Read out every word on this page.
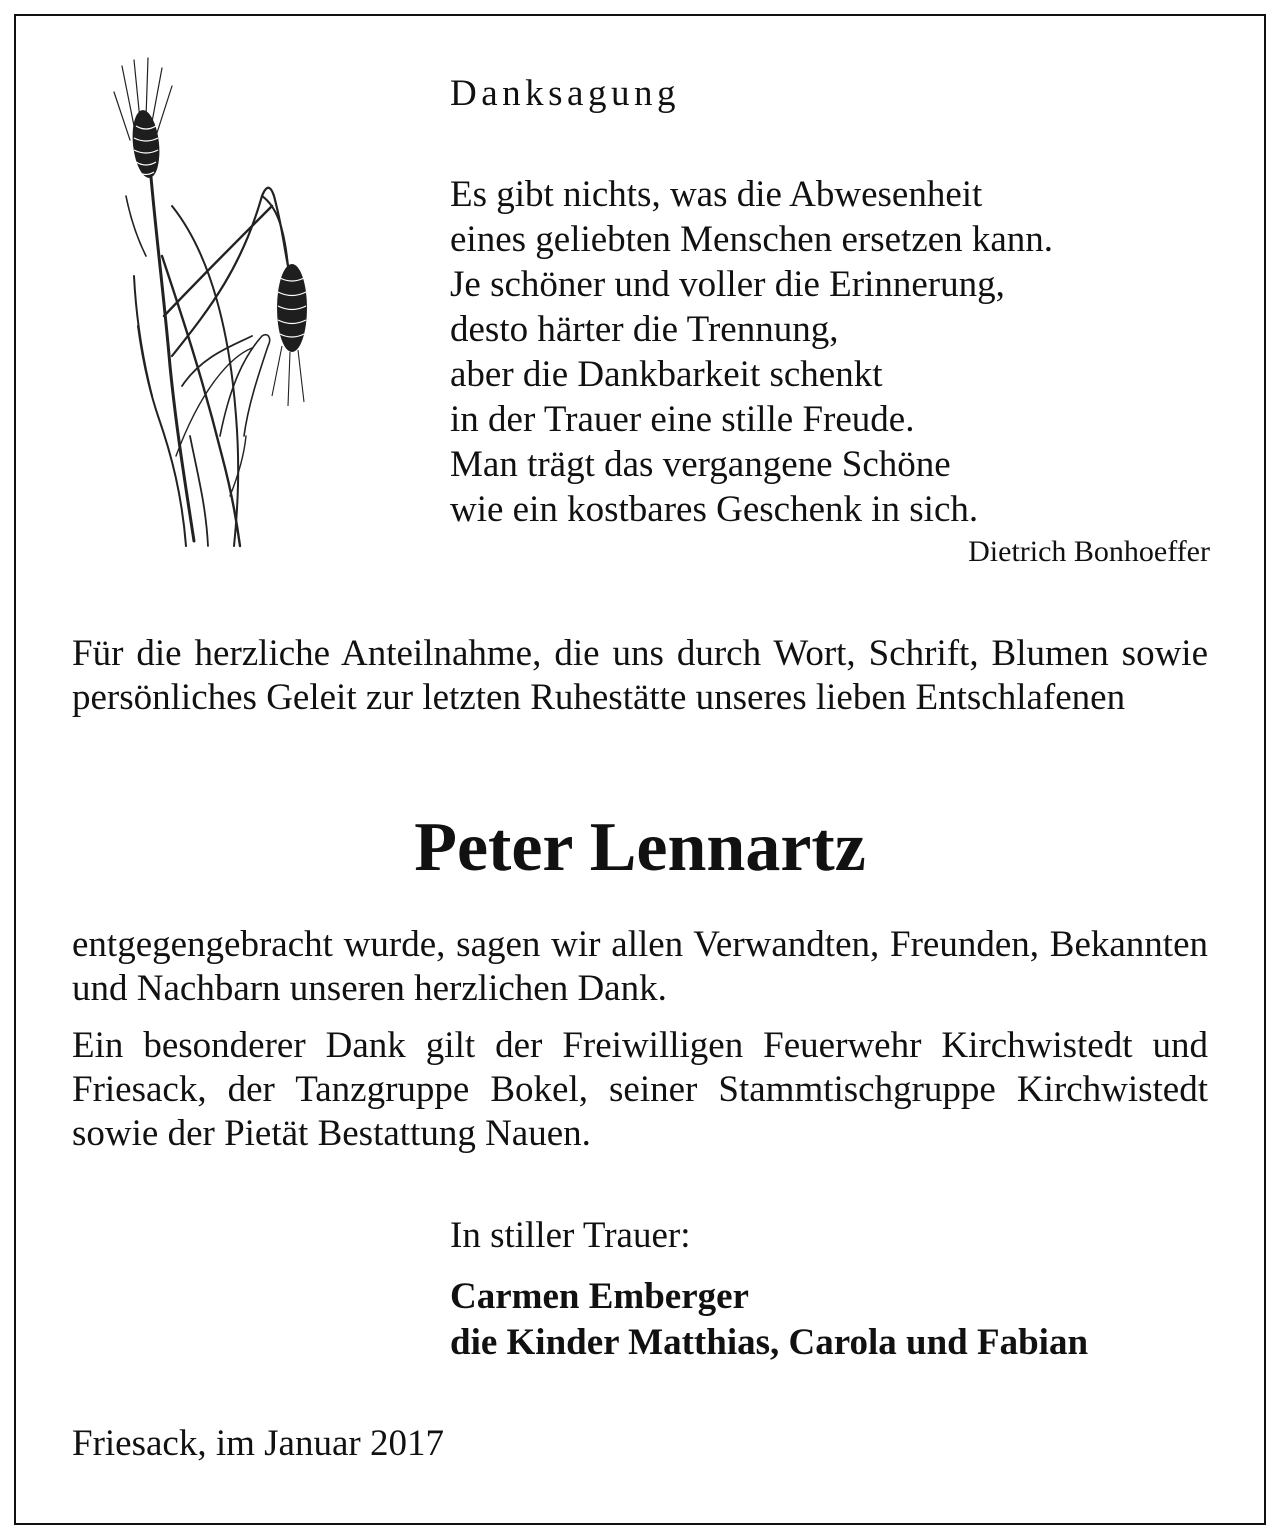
Danksagung
Es gibt nichts, was die Abwesenheit
eines geliebten Menschen ersetzen kann.
Je schöner und voller die Erinnerung,
desto härter die Trennung,
aber die Dankbarkeit schenkt
in der Trauer eine stille Freude.
Man trägt das vergangene Schöne
wie ein kostbares Geschenk in sich.
Dietrich Bonhoeffer
Für die herzliche Anteilnahme, die uns durch Wort, Schrift, Blumen sowie persönliches Geleit zur letzten Ruhestätte unseres lieben Entschlafenen
Peter Lennartz
entgegengebracht wurde, sagen wir allen Verwandten, Freunden, Bekannten und Nachbarn unseren herzlichen Dank.
Ein besonderer Dank gilt der Freiwilligen Feuerwehr Kirchwistedt und Friesack, der Tanzgruppe Bokel, seiner Stammtischgruppe Kirchwistedt sowie der Pietät Bestattung Nauen.
In stiller Trauer:
Carmen Emberger
die Kinder Matthias, Carola und Fabian
Friesack, im Januar 2017
